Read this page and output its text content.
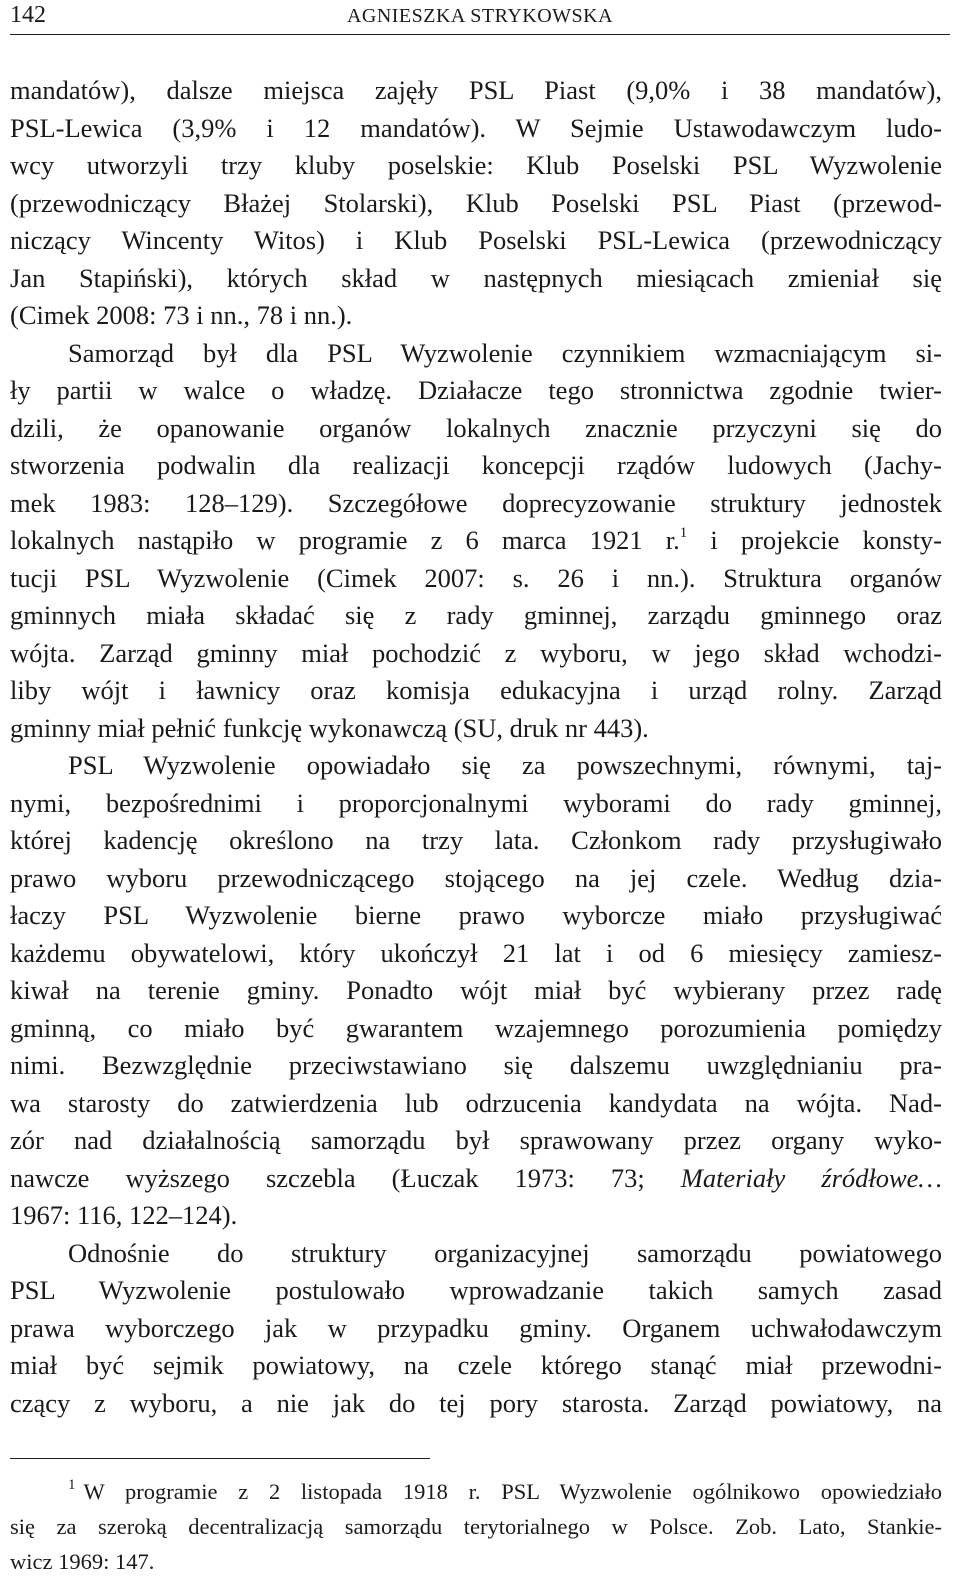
142	AGNIESZKA STRYKOWSKA
mandatów), dalsze miejsca zajęły PSL Piast (9,0% i 38 mandatów),
PSL-Lewica (3,9% i 12 mandatów). W Sejmie Ustawodawczym ludo-
wcy utworzyli trzy kluby poselskie: Klub Poselski PSL Wyzwolenie
(przewodniczący Błażej Stolarski), Klub Poselski PSL Piast (przewod-
niczący Wincenty Witos) i Klub Poselski PSL-Lewica (przewodniczący
Jan Stapiński), których skład w następnych miesiącach zmieniał się
(Cimek 2008: 73 i nn., 78 i nn.).
Samorząd był dla PSL Wyzwolenie czynnikiem wzmacniającym si-
ły partii w walce o władzę. Działacze tego stronnictwa zgodnie twier-
dzili, że opanowanie organów lokalnych znacznie przyczyni się do
stworzenia podwalin dla realizacji koncepcji rządów ludowych (Jachy-
mek 1983: 128–129). Szczegółowe doprecyzowanie struktury jednostek
lokalnych nastąpiło w programie z 6 marca 1921 r.$^1$ i projekcie konsty-
tucji PSL Wyzwolenie (Cimek 2007: s. 26 i nn.). Struktura organów
gminnych miała składać się z rady gminnej, zarządu gminnego oraz
wójta. Zarząd gminny miał pochodzić z wyboru, w jego skład wchodzi-
liby wójt i ławnicy oraz komisja edukacyjna i urząd rolny. Zarząd
gminny miał pełnić funkcję wykonawczą (SU, druk nr 443).
PSL Wyzwolenie opowiadało się za powszechnymi, równymi, taj-
nymi, bezpośrednimi i proporcjonalnymi wyborami do rady gminnej,
której kadencję określono na trzy lata. Członkom rady przysługiwało
prawo wyboru przewodniczącego stojącego na jej czele. Według dzia-
łaczy PSL Wyzwolenie bierne prawo wyborcze miało przysługiwać
każdemu obywatelowi, który ukończył 21 lat i od 6 miesięcy zamiesz-
kiwał na terenie gminy. Ponadto wójt miał być wybierany przez radę
gminną, co miało być gwarantem wzajemnego porozumienia pomiędzy
nimi. Bezwzględnie przeciwstawiano się dalszemu uwzględnianiu pra-
wa starosty do zatwierdzenia lub odrzucenia kandydata na wójta. Nad-
zór nad działalnością samorządu był sprawowany przez organy wyko-
nawcze wyższego szczebla (Łuczak 1973: 73; Materiały źródłowe…
1967: 116, 122–124).
Odnośnie do struktury organizacyjnej samorządu powiatowego
PSL Wyzwolenie postulowało wprowadzanie takich samych zasad
prawa wyborczego jak w przypadku gminy. Organem uchwałodawczym
miał być sejmik powiatowy, na czele którego stanąć miał przewodni-
czący z wyboru, a nie jak do tej pory starosta. Zarząd powiatowy, na
$^1$ W programie z 2 listopada 1918 r. PSL Wyzwolenie ogólnikowo opowiedziało
się za szeroką decentralizacją samorządu terytorialnego w Polsce. Zob. Lato, Stankie-
wicz 1969: 147.
